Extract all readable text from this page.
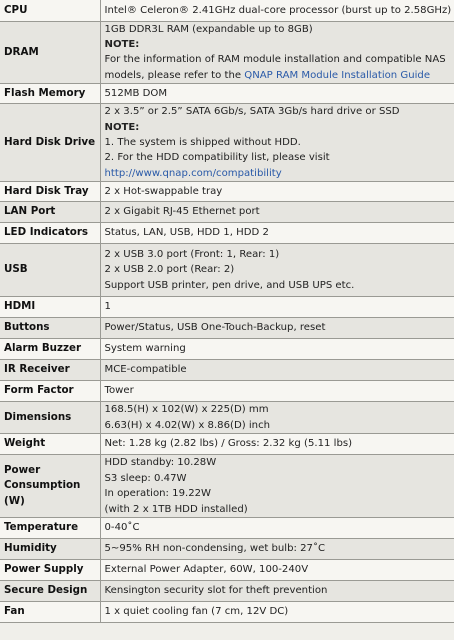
CPU	Intel® Celeron® 2.41GHz dual-core processor (burst up to 2.58GHz)

DRAM	1GB DDR3L RAM (expandable up to 8GB)
NOTE:
For the information of RAM module installation and compatible NAS models, please refer to the QNAP RAM Module Installation Guide

Flash Memory	512MB DOM

Hard Disk Drive	2 x 3.5” or 2.5” SATA 6Gb/s, SATA 3Gb/s hard drive or SSD
NOTE:
1. The system is shipped without HDD.
2. For the HDD compatibility list, please visit
http://www.qnap.com/compatibility

Hard Disk Tray	2 x Hot-swappable tray

LAN Port	2 x Gigabit RJ-45 Ethernet port

LED Indicators	Status, LAN, USB, HDD 1, HDD 2

USB	2 x USB 3.0 port (Front: 1, Rear: 1)
2 x USB 2.0 port (Rear: 2)
Support USB printer, pen drive, and USB UPS etc.

HDMI	1

Buttons	Power/Status, USB One-Touch-Backup, reset

Alarm Buzzer	System warning

IR Receiver	MCE-compatible

Form Factor	Tower

Dimensions	168.5(H) x 102(W) x 225(D) mm
6.63(H) x 4.02(W) x 8.86(D) inch

Weight	Net: 1.28 kg (2.82 lbs) / Gross: 2.32 kg (5.11 lbs)

Power Consumption (W)	HDD standby: 10.28W
S3 sleep: 0.47W
In operation: 19.22W
(with 2 x 1TB HDD installed)

Temperature	0-40˚C

Humidity	5~95% RH non-condensing, wet bulb: 27˚C

Power Supply	External Power Adapter, 60W, 100-240V

Secure Design	Kensington security slot for theft prevention

Fan	1 x quiet cooling fan (7 cm, 12V DC)
